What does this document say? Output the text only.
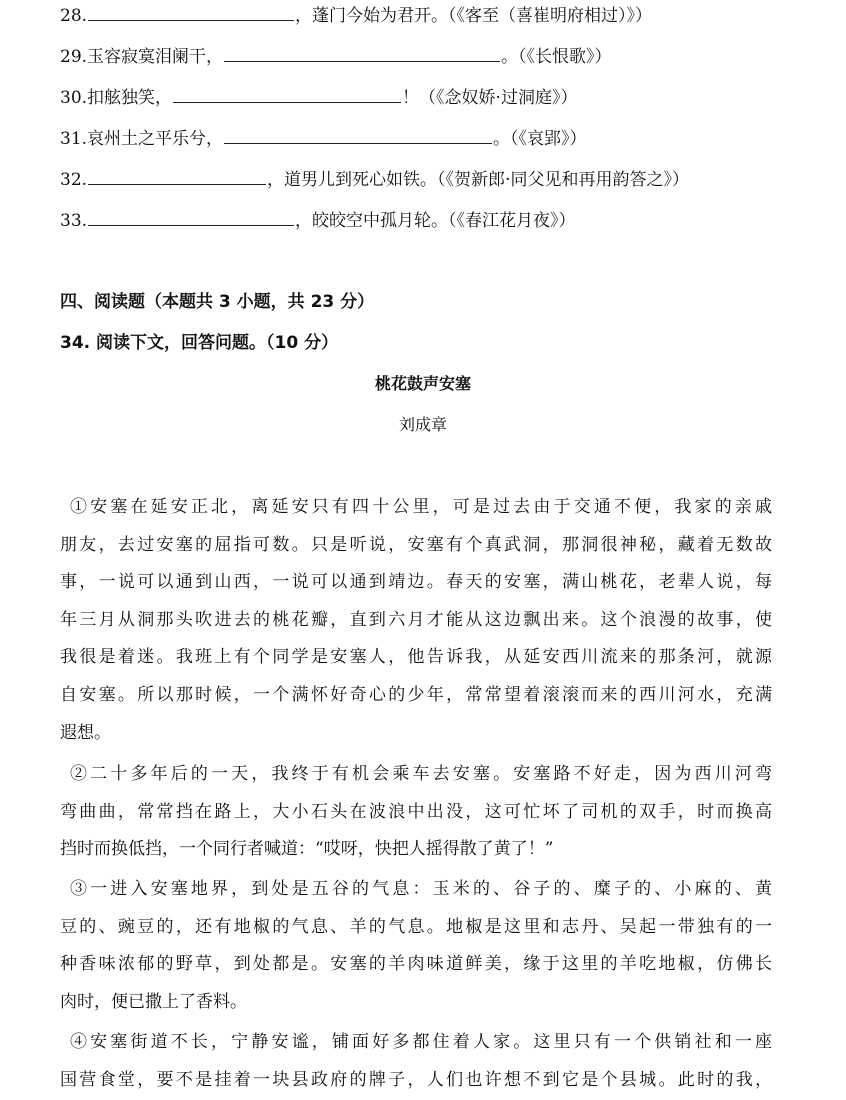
28.	，蓬门今始为君开。（《客至（喜崔明府相过）》）
29.玉容寂寞泪阑干，	。（《长恨歌》）
30.扣舷独笑，	！（《念奴娇·过洞庭》）
31.哀州土之平乐兮，	。（《哀郢》）
32.	，道男儿到死心如铁。（《贺新郎·同父见和再用韵答之》）
33.	，皎皎空中孤月轮。（《春江花月夜》）
四、阅读题（本题共 3 小题，共 23 分）
34. 阅读下文，回答问题。（10 分）
桃花鼓声安塞
刘成章
①安塞在延安正北，离延安只有四十公里，可是过去由于交通不便，我家的亲戚
朋友，去过安塞的屈指可数。只是听说，安塞有个真武洞，那洞很神秘，藏着无数故
事，一说可以通到山西，一说可以通到靖边。春天的安塞，满山桃花，老辈人说，每
年三月从洞那头吹进去的桃花瓣，直到六月才能从这边飘出来。这个浪漫的故事，使
我很是着迷。我班上有个同学是安塞人，他告诉我，从延安西川流来的那条河，就源
自安塞。所以那时候，一个满怀好奇心的少年，常常望着滚滚而来的西川河水，充满
遐想。
②二十多年后的一天，我终于有机会乘车去安塞。安塞路不好走，因为西川河弯
弯曲曲，常常挡在路上，大小石头在波浪中出没，这可忙坏了司机的双手，时而换高
挡时而换低挡，一个同行者喊道：“哎呀，快把人摇得散了黄了！”
③一进入安塞地界，到处是五谷的气息：玉米的、谷子的、糜子的、小麻的、黄
豆的、豌豆的，还有地椒的气息、羊的气息。地椒是这里和志丹、吴起一带独有的一
种香味浓郁的野草，到处都是。安塞的羊肉味道鲜美，缘于这里的羊吃地椒，仿佛长
肉时，便已撒上了香料。
④安塞街道不长，宁静安谧，铺面好多都住着人家。这里只有一个供销社和一座
国营食堂，要不是挂着一块县政府的牌子，人们也许想不到它是个县城。此时的我，
